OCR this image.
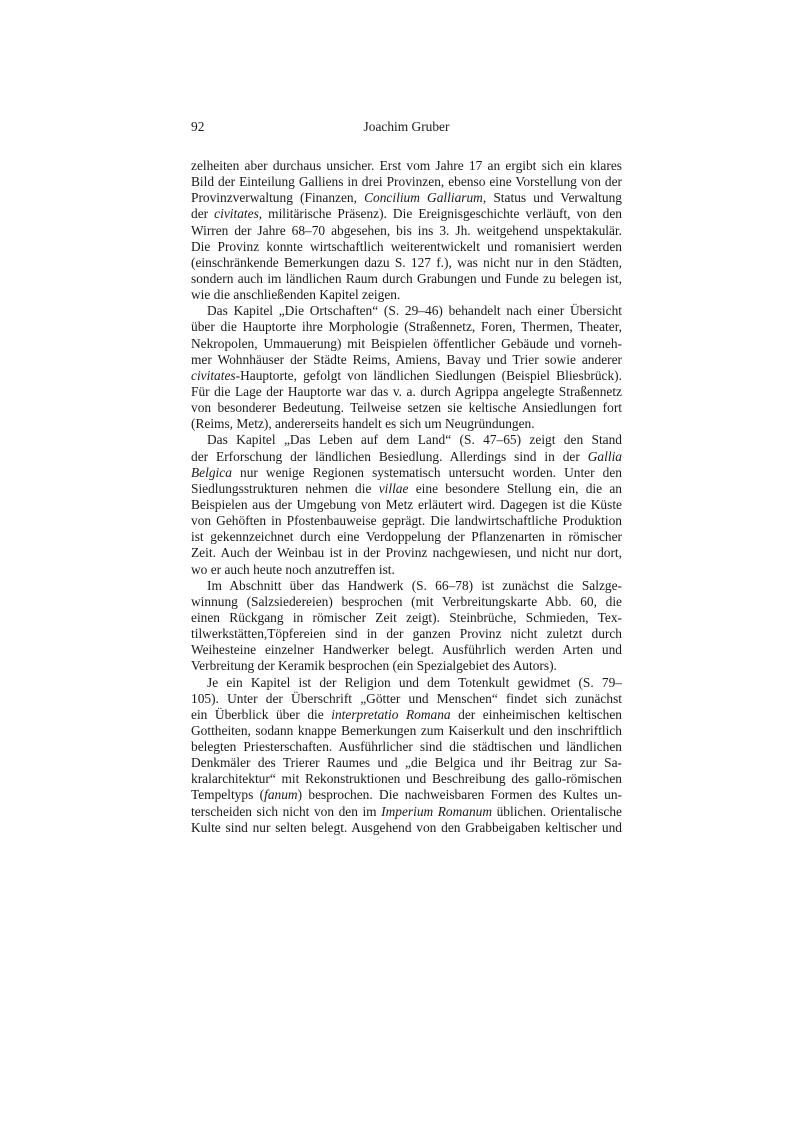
92	Joachim Gruber
zelheiten aber durchaus unsicher. Erst vom Jahre 17 an ergibt sich ein klares
Bild der Einteilung Galliens in drei Provinzen, ebenso eine Vorstellung von der
Provinzverwaltung (Finanzen, Concilium Galliarum, Status und Verwaltung
der civitates, militärische Präsenz). Die Ereignisgeschichte verläuft, von den
Wirren der Jahre 68–70 abgesehen, bis ins 3. Jh. weitgehend unspektakulär.
Die Provinz konnte wirtschaftlich weiterentwickelt und romanisiert werden
(einschränkende Bemerkungen dazu S. 127 f.), was nicht nur in den Städten,
sondern auch im ländlichen Raum durch Grabungen und Funde zu belegen ist,
wie die anschließenden Kapitel zeigen.
Das Kapitel „Die Ortschaften“ (S. 29–46) behandelt nach einer Übersicht
über die Hauptorte ihre Morphologie (Straßennetz, Foren, Thermen, Theater,
Nekropolen, Ummauerung) mit Beispielen öffentlicher Gebäude und vorneh-
mer Wohnhäuser der Städte Reims, Amiens, Bavay und Trier sowie anderer
civitates-Hauptorte, gefolgt von ländlichen Siedlungen (Beispiel Bliesbrück).
Für die Lage der Hauptorte war das v. a. durch Agrippa angelegte Straßennetz
von besonderer Bedeutung. Teilweise setzen sie keltische Ansiedlungen fort
(Reims, Metz), andererseits handelt es sich um Neugründungen.
Das Kapitel „Das Leben auf dem Land“ (S. 47–65) zeigt den Stand
der Erforschung der ländlichen Besiedlung. Allerdings sind in der Gallia
Belgica nur wenige Regionen systematisch untersucht worden. Unter den
Siedlungsstrukturen nehmen die villae eine besondere Stellung ein, die an
Beispielen aus der Umgebung von Metz erläutert wird. Dagegen ist die Küste
von Gehöften in Pfostenbauweise geprägt. Die landwirtschaftliche Produktion
ist gekennzeichnet durch eine Verdoppelung der Pflanzenarten in römischer
Zeit. Auch der Weinbau ist in der Provinz nachgewiesen, und nicht nur dort,
wo er auch heute noch anzutreffen ist.
Im Abschnitt über das Handwerk (S. 66–78) ist zunächst die Salzge-
winnung (Salzsiedereien) besprochen (mit Verbreitungskarte Abb. 60, die
einen Rückgang in römischer Zeit zeigt). Steinbrüche, Schmieden, Tex-
tilwerkstätten,Töpfereien sind in der ganzen Provinz nicht zuletzt durch
Weihesteine einzelner Handwerker belegt. Ausführlich werden Arten und
Verbreitung der Keramik besprochen (ein Spezialgebiet des Autors).
Je ein Kapitel ist der Religion und dem Totenkult gewidmet (S. 79–
105). Unter der Überschrift „Götter und Menschen“ findet sich zunächst
ein Überblick über die interpretatio Romana der einheimischen keltischen
Gottheiten, sodann knappe Bemerkungen zum Kaiserkult und den inschriftlich
belegten Priesterschaften. Ausführlicher sind die städtischen und ländlichen
Denkmäler des Trierer Raumes und „die Belgica und ihr Beitrag zur Sa-
kralarchitektur“ mit Rekonstruktionen und Beschreibung des gallo-römischen
Tempeltyps (fanum) besprochen. Die nachweisbaren Formen des Kultes un-
terscheiden sich nicht von den im Imperium Romanum üblichen. Orientalische
Kulte sind nur selten belegt. Ausgehend von den Grabbeigaben keltischer und
